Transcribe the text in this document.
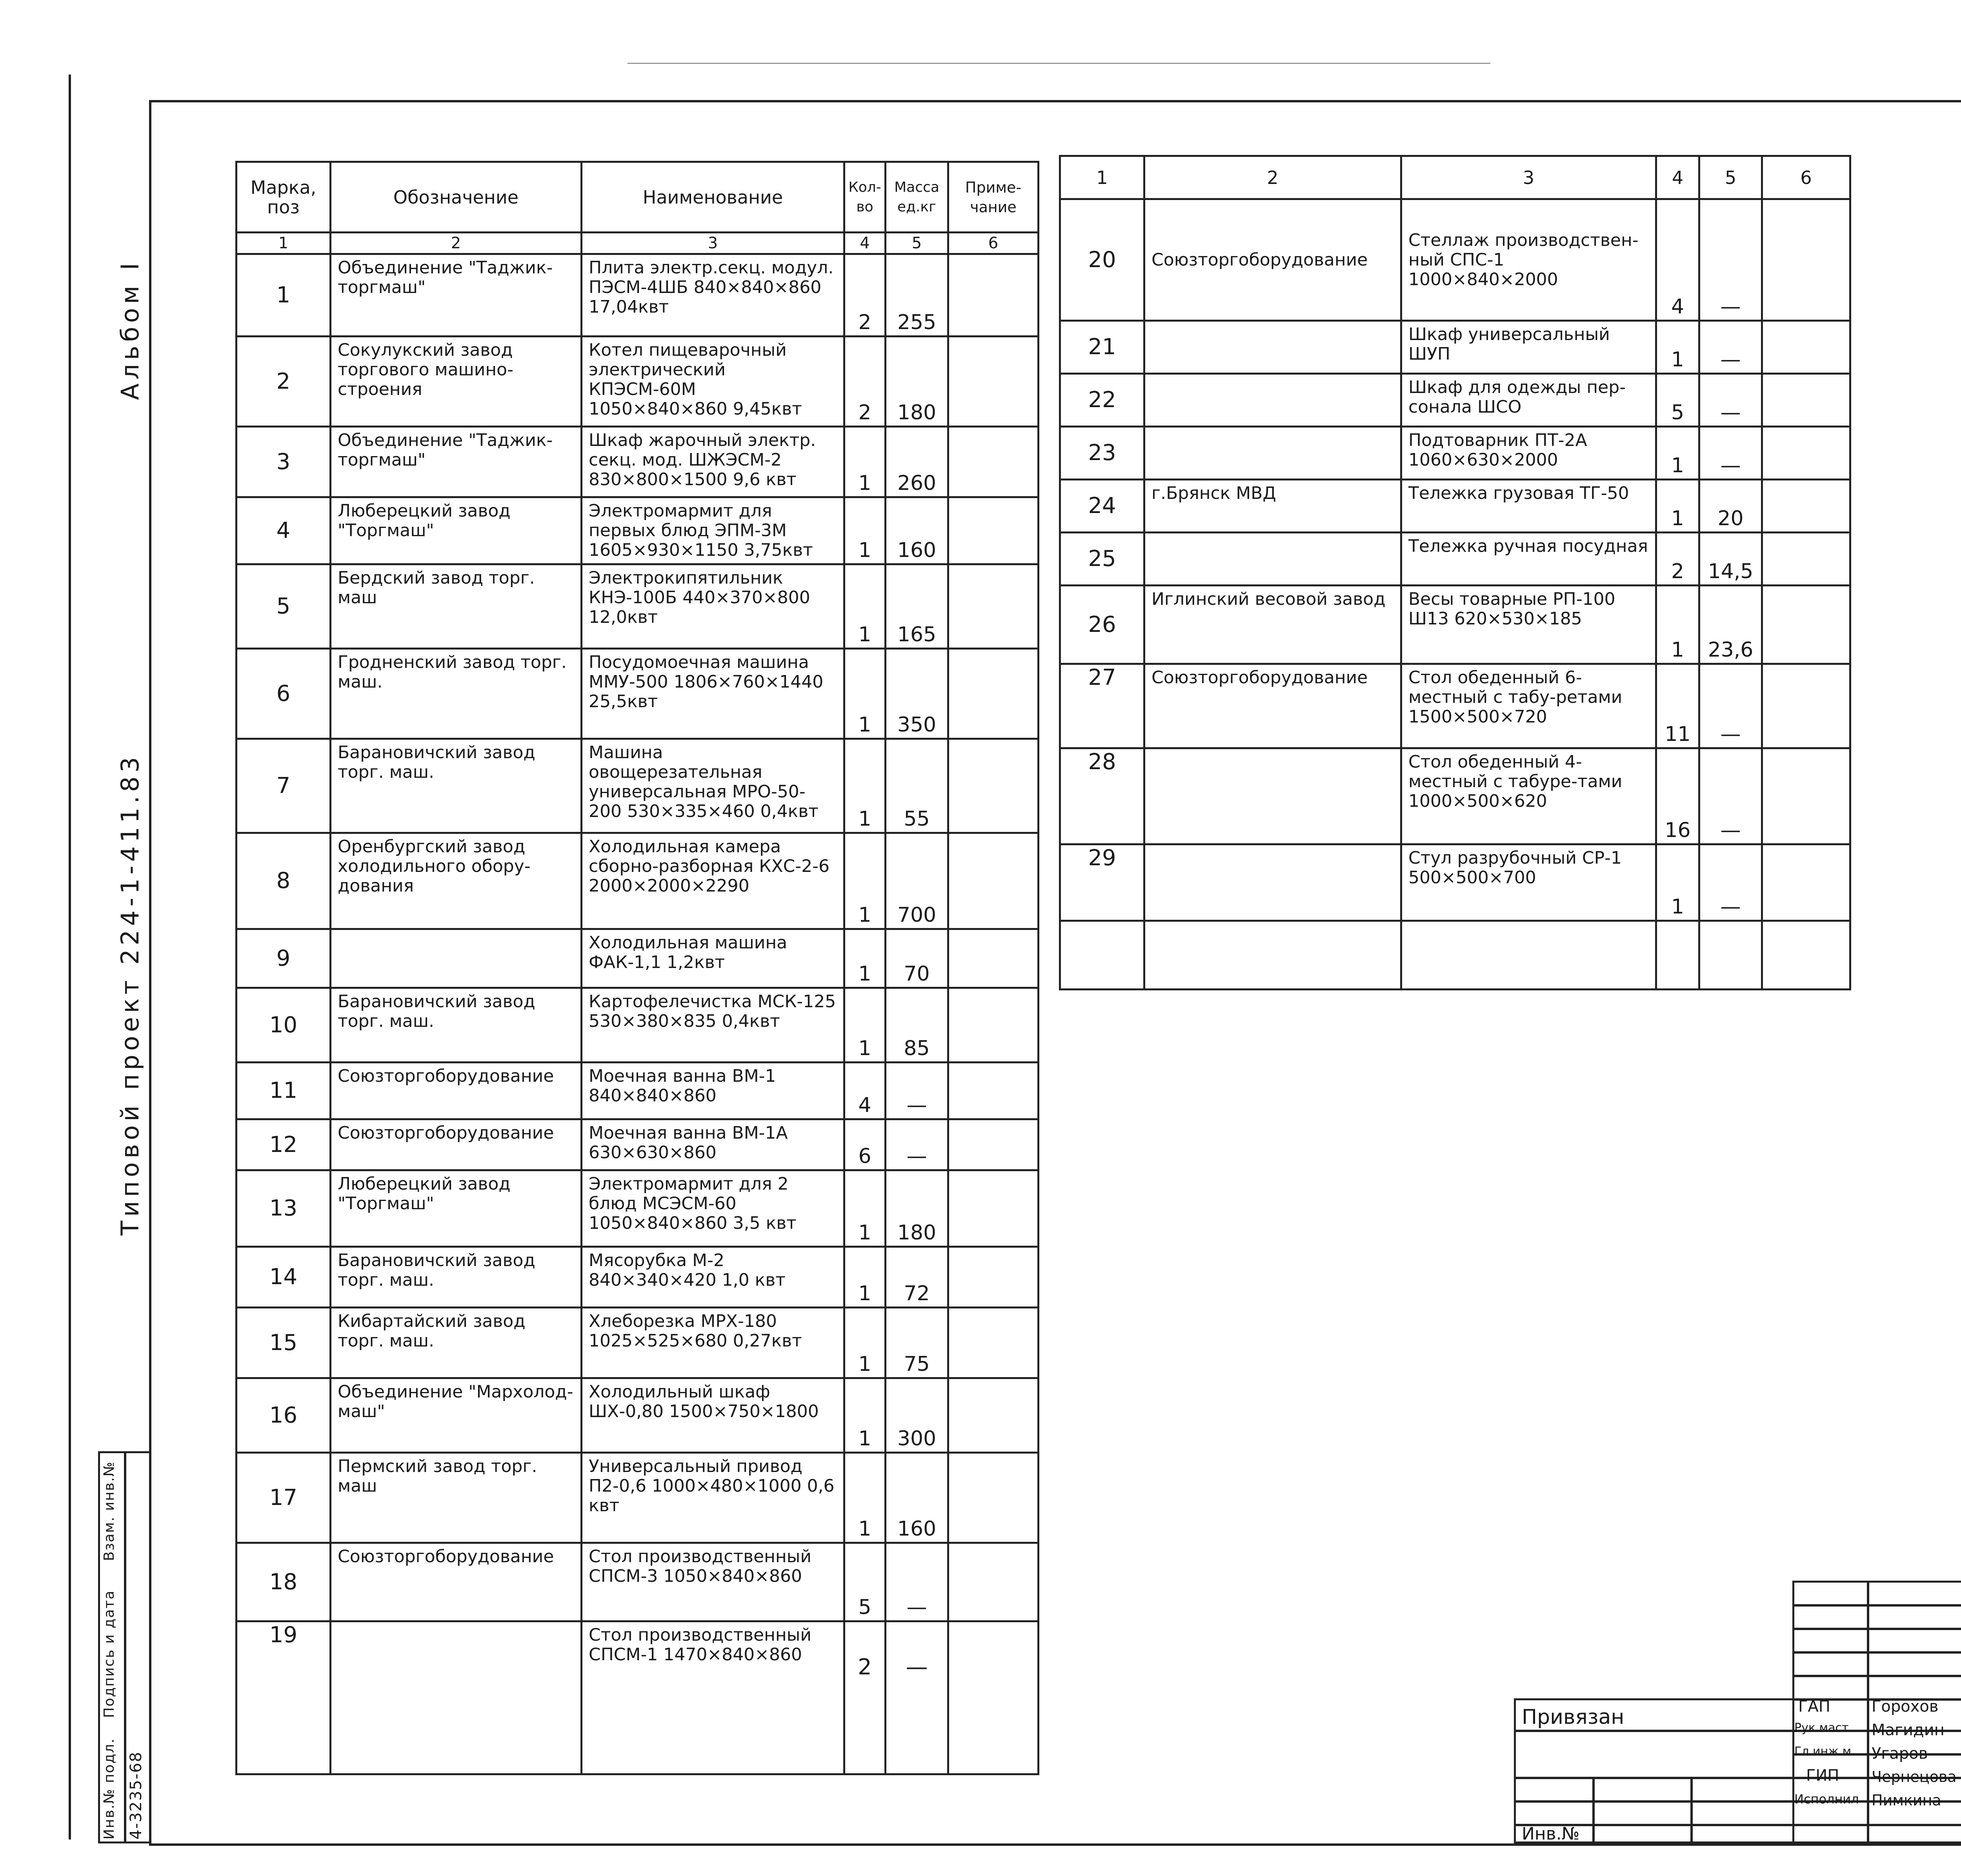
Альбом I
Типовой проект 224-1-411.83
Инв.№ подл.
Подпись и дата
Взам. инв.№
4-3235-68
Марка, поз	Обозначение	Наименование	Кол-во	Масса ед.кг	Приме-чание
1	2	3	4	5	6
1	Объединение "Таджик-торгмаш"	Плита электр.секц. модул. ПЭСМ-4ШБ 840×840×860 17,04квт	2	255	
2	Сокулукский завод торгового машино-строения	Котел пищеварочный электрический КПЭСМ-60М 1050×840×860 9,45квт	2	180	
3	Объединение "Таджик-торгмаш"	Шкаф жарочный электр. секц. мод. ШЖЭСМ-2 830×800×1500 9,6 квт	1	260	
4	Люберецкий завод "Торгмаш"	Электромармит для первых блюд ЭПМ-3М 1605×930×1150 3,75квт	1	160	
5	Бердский завод торг. маш	Электрокипятильник КНЭ-100Б 440×370×800 12,0квт	1	165	
6	Гродненский завод торг. маш.	Посудомоечная машина ММУ-500 1806×760×1440 25,5квт	1	350	
7	Барановичский завод торг. маш.	Машина овощерезательная универсальная МРО-50-200 530×335×460 0,4квт	1	55	
8	Оренбургский завод холодильного обору-дования	Холодильная камера сборно-разборная КХС-2-6 2000×2000×2290	1	700	
9		Холодильная машина ФАК-1,1 1,2квт	1	70	
10	Барановичский завод торг. маш.	Картофелечистка МСК-125 530×380×835 0,4квт	1	85	
11	Союзторгоборудование	Моечная ванна ВМ-1 840×840×860	4	—	
12	Союзторгоборудование	Моечная ванна ВМ-1А 630×630×860	6	—	
13	Люберецкий завод "Торгмаш"	Электромармит для 2 блюд МСЭСМ-60 1050×840×860 3,5 квт	1	180	
14	Барановичский завод торг. маш.	Мясорубка М-2 840×340×420 1,0 квт	1	72	
15	Кибартайский завод торг. маш.	Хлеборезка МРХ-180 1025×525×680 0,27квт	1	75	
16	Объединение "Мархолод-маш"	Холодильный шкаф ШХ-0,80 1500×750×1800	1	300	
17	Пермский завод торг. маш	Универсальный привод П2-0,6 1000×480×1000 0,6 квт	1	160	
18	Союзторгоборудование	Стол производственный СПСМ-3 1050×840×860	5	—	
19		Стол производственный СПСМ-1 1470×840×860	2	—	
1	2	3	4	5	6
20	Союзторгоборудование	Стеллаж производствен-ный СПС-1 1000×840×2000	4	—	
21		Шкаф универсальный ШУП	1	—	
22		Шкаф для одежды пер-сонала ШСО	5	—	
23		Подтоварник ПТ-2А 1060×630×2000	1	—	
24	г.Брянск МВД	Тележка грузовая ТГ-50	1	20	
25		Тележка ручная посудная	2	14,5	
26	Иглинский весовой завод	Весы товарные РП-100 Ш13 620×530×185	1	23,6	
27	Союзторгоборудование	Стол обеденный 6-местный с табу-ретами 1500×500×720	11	—	
28		Стол обеденный 4-местный с табуре-тами 1000×500×620	16	—	
29		Стул разрубочный СР-1 500×500×700	1	—	

Привязан
Инв.№
ГАП
Рук.маст.
Гл.инж.м.
ГИП
Исполнил
Горохов
Магидин
Угаров
Чернецова
Пимкина
